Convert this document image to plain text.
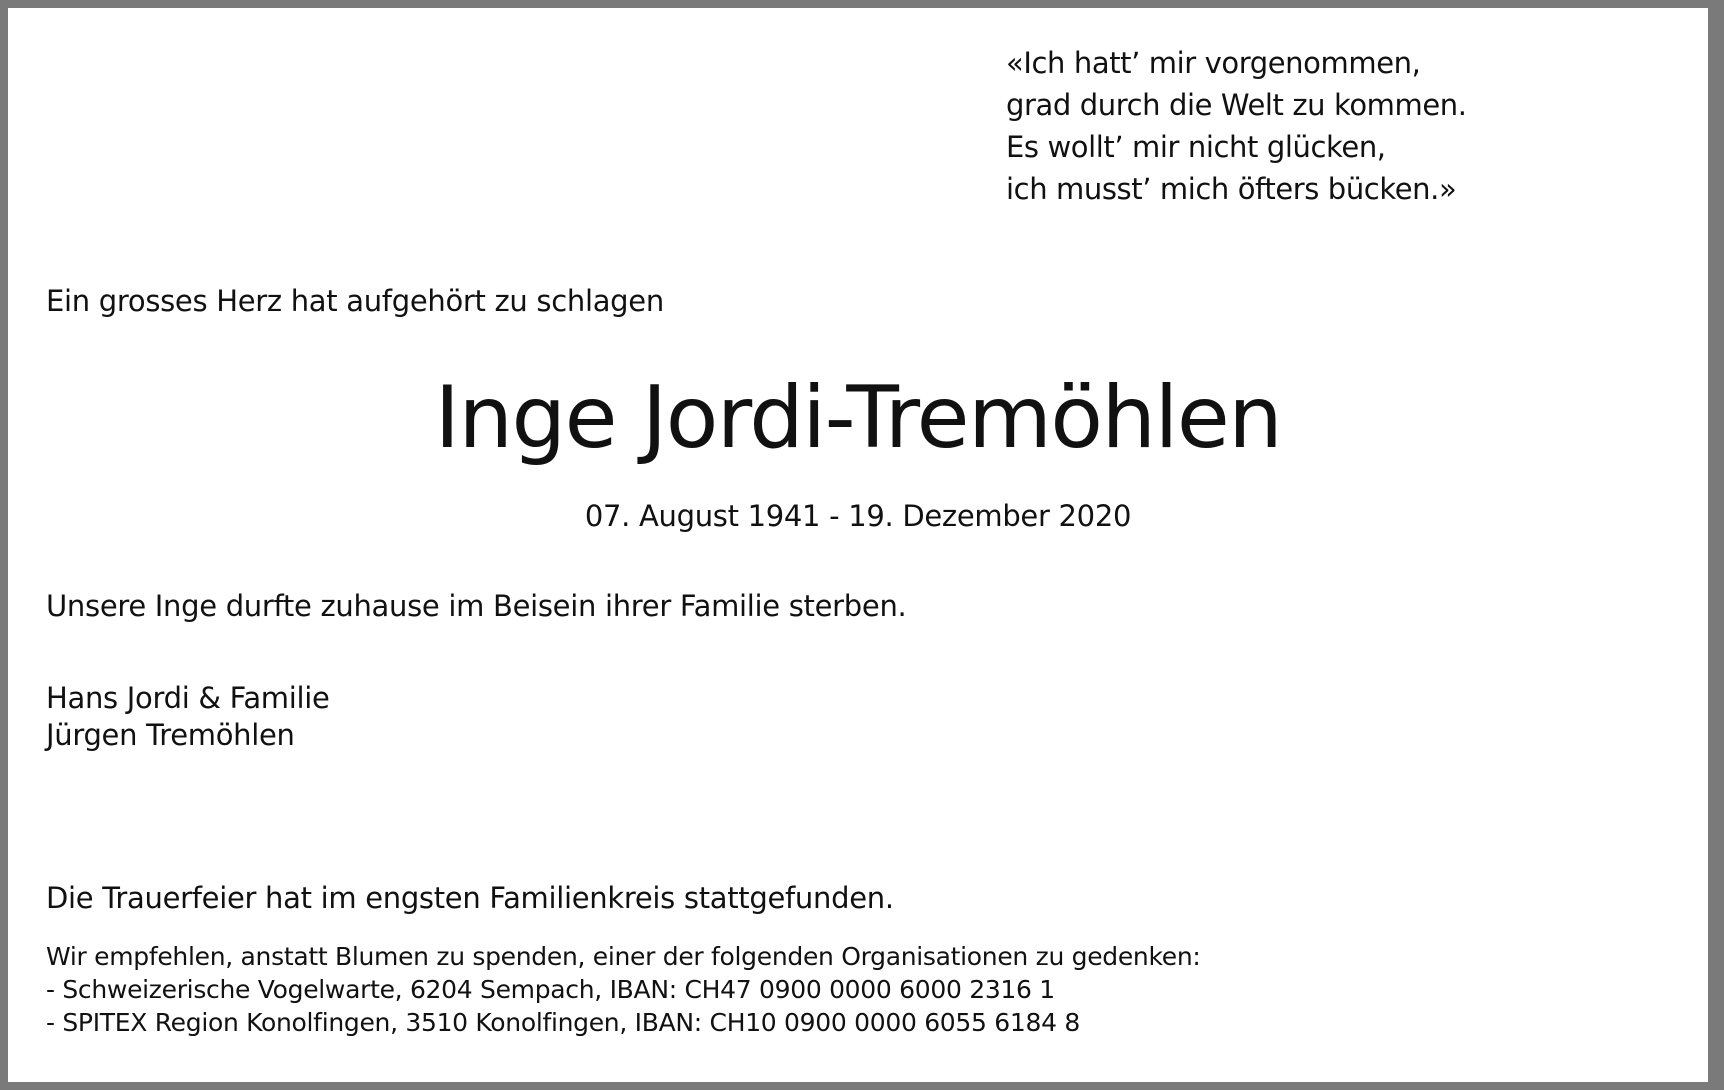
«Ich hatt’ mir vorgenommen,
grad durch die Welt zu kommen.
Es wollt’ mir nicht glücken,
ich musst’ mich öfters bücken.»
Ein grosses Herz hat aufgehört zu schlagen
Inge Jordi-Tremöhlen
07. August 1941 - 19. Dezember 2020
Unsere Inge durfte zuhause im Beisein ihrer Familie sterben.
Hans Jordi & Familie
Jürgen Tremöhlen
Die Trauerfeier hat im engsten Familienkreis stattgefunden.
Wir empfehlen, anstatt Blumen zu spenden, einer der folgenden Organisationen zu gedenken:
- Schweizerische Vogelwarte, 6204 Sempach, IBAN: CH47 0900 0000 6000 2316 1
- SPITEX Region Konolfingen, 3510 Konolfingen, IBAN: CH10 0900 0000 6055 6184 8
